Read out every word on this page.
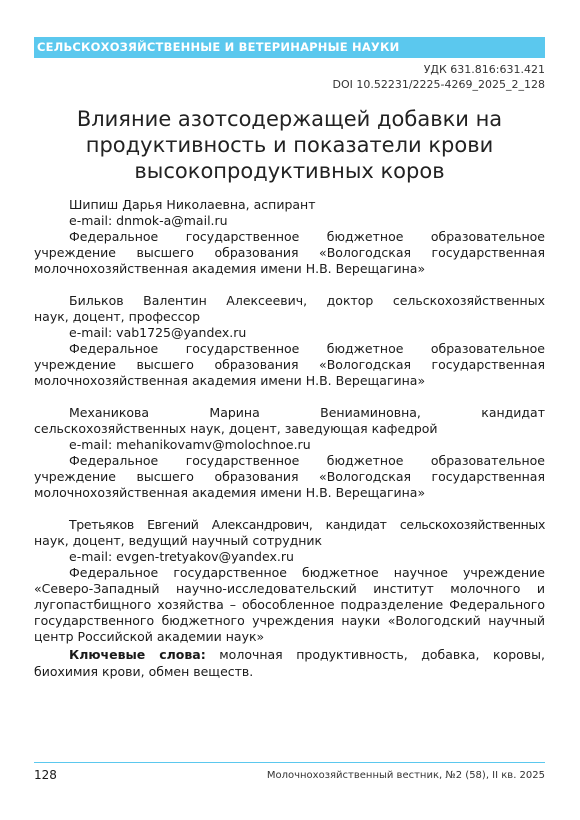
СЕЛЬСКОХОЗЯЙСТВЕННЫЕ И ВЕТЕРИНАРНЫЕ НАУКИ
УДК 631.816:631.421
DOI 10.52231/2225-4269_2025_2_128
Влияние азотсодержащей добавки на
продуктивность и показатели крови
высокопродуктивных коров

Шипиш Дарья Николаевна, аспирант

e-mail: dnmok-a@mail.ru

Федеральное государственное бюджетное образовательное

учреждение высшего образования «Вологодская государственная молочнохозяйственная академия имени Н.В. Верещагина»

Бильков Валентин Алексеевич, доктор сельскохозяйственных

наук, доцент, профессор

e-mail: vab1725@yandex.ru

Федеральное государственное бюджетное образовательное

учреждение высшего образования «Вологодская государственная молочнохозяйственная академия имени Н.В. Верещагина»

Механикова Марина Вениаминовна, кандидат

сельскохозяйственных наук, доцент, заведующая кафедрой

e-mail: mehanikovamv@molochnoe.ru

Федеральное государственное бюджетное образовательное

учреждение высшего образования «Вологодская государственная молочнохозяйственная академия имени Н.В. Верещагина»

Третьяков Евгений Александрович, кандидат сельскохозяйственных

наук, доцент, ведущий научный сотрудник

e-mail: evgen-tretyakov@yandex.ru

Федеральное государственное бюджетное научное учреждение

«Северо-Западный научно-исследовательский институт молочного и лугопастбищного хозяйства – обособленное подразделение Федерального государственного бюджетного учреждения науки «Вологодский научный центр Российской академии наук»

Ключевые слова: молочная продуктивность, добавка, коровы, биохимия крови, обмен веществ.
128	Молочнохозяйственный вестник, №2 (58), II кв. 2025
